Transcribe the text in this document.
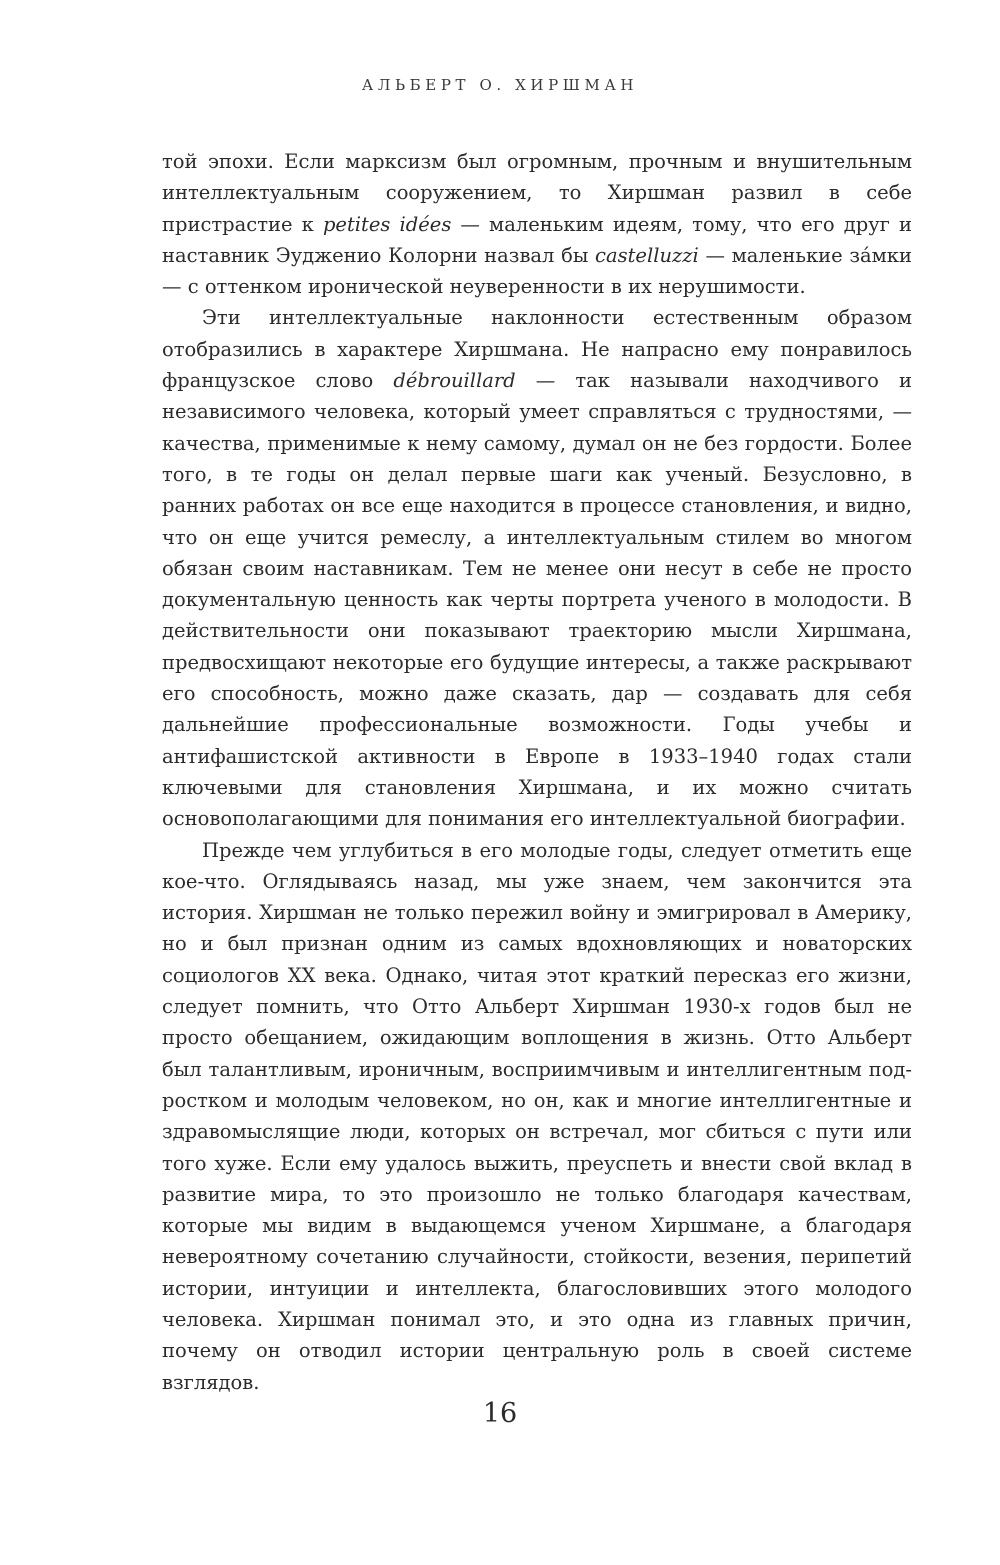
АЛЬБЕРТ О. ХИРШМАН

той эпохи. Если марксизм был огромным, прочным и внушительным интеллектуальным сооружением, то Хиршман развил в себе пристрастие к petites idées — маленьким идеям, тому, что его друг и наставник Эудженио Колорни назвал бы castelluzzi — маленькие за́мки — с оттенком иронической неуверенности в их нерушимости.

Эти интеллектуальные наклонности естественным образом отобразились в характере Хиршмана. Не напрасно ему понравилось французское слово débrouillard — так называли находчивого и независимого человека, который умеет справляться с трудностями, — качества, применимые к нему самому, думал он не без гордости. Более того, в те годы он делал первые шаги как ученый. Безусловно, в ранних работах он все еще находится в процессе становления, и видно, что он еще учится ремеслу, а интеллектуальным стилем во многом обязан своим наставникам. Тем не менее они несут в себе не просто документальную ценность как черты портрета ученого в молодости. В действительности они показывают траекторию мысли Хиршмана, предвосхищают некоторые его будущие интересы, а также раскрывают его способность, можно даже сказать, дар — создавать для себя дальнейшие профессиональные возможности. Годы учебы и антифашистской активности в Европе в 1933–1940 годах стали ключевыми для становления Хиршмана, и их можно считать основополагающими для понимания его интеллектуальной биографии.

Прежде чем углубиться в его молодые годы, следует отметить еще кое-что. Оглядываясь назад, мы уже знаем, чем закончится эта история. Хиршман не только пережил войну и эмигрировал в Америку, но и был признан одним из самых вдохновляющих и новаторских социологов XX века. Однако, читая этот краткий пересказ его жизни, следует помнить, что Отто Альберт Хиршман 1930-х годов был не просто обещанием, ожидающим воплощения в жизнь. Отто Альберт был талантливым, ироничным, восприимчивым и интеллигентным подростком и молодым человеком, но он, как и многие интеллигентные и здравомыслящие люди, которых он встречал, мог сбиться с пути или того хуже. Если ему удалось выжить, преуспеть и внести свой вклад в развитие мира, то это произошло не только благодаря качествам, которые мы видим в выдающемся ученом Хиршмане, а благодаря невероятному сочетанию случайности, стойкости, везения, перипетий истории, интуиции и интеллекта, благословивших этого молодого человека. Хиршман понимал это, и это одна из главных причин, почему он отводил истории центральную роль в своей системе взглядов.

16
